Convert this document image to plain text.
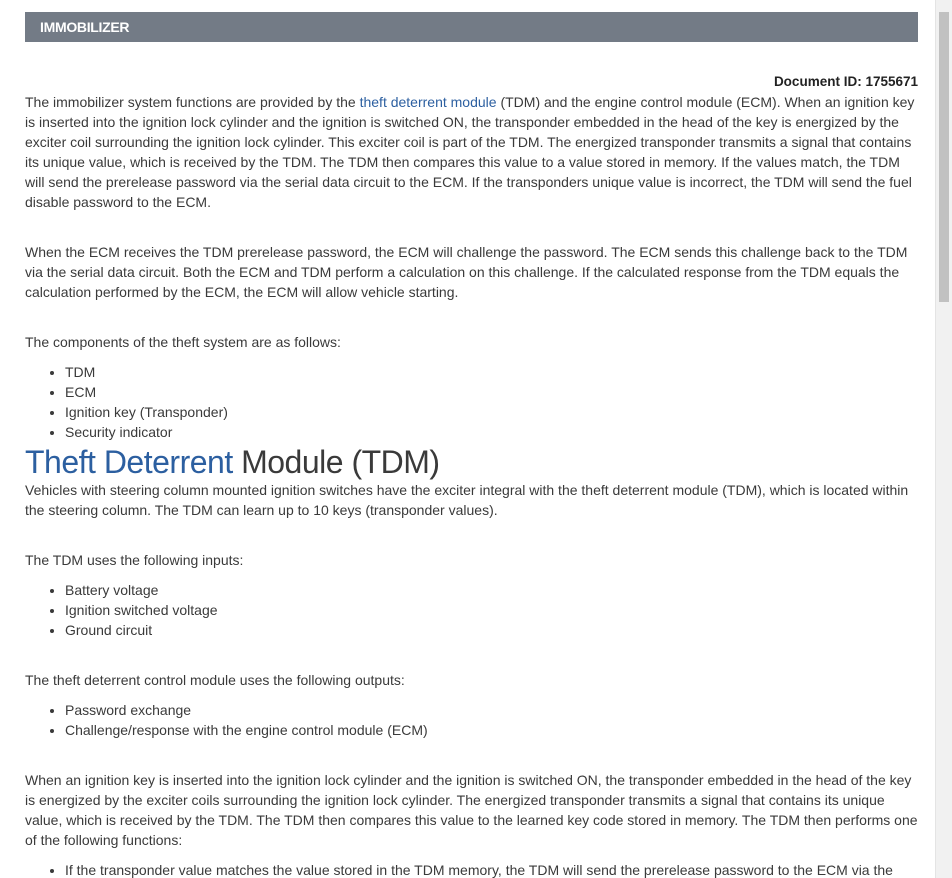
IMMOBILIZER
Document ID: 1755671

The immobilizer system functions are provided by the theft deterrent module (TDM) and the engine control module (ECM). When an ignition key is inserted into the ignition lock cylinder and the ignition is switched ON, the transponder embedded in the head of the key is energized by the exciter coil surrounding the ignition lock cylinder. This exciter coil is part of the TDM. The energized transponder transmits a signal that contains its unique value, which is received by the TDM. The TDM then compares this value to a value stored in memory. If the values match, the TDM will send the prerelease password via the serial data circuit to the ECM. If the transponders unique value is incorrect, the TDM will send the fuel disable password to the ECM.

When the ECM receives the TDM prerelease password, the ECM will challenge the password. The ECM sends this challenge back to the TDM via the serial data circuit. Both the ECM and TDM perform a calculation on this challenge. If the calculated response from the TDM equals the calculation performed by the ECM, the ECM will allow vehicle starting.

The components of the theft system are as follows:

• TDM
• ECM
• Ignition key (Transponder)
• Security indicator
Theft Deterrent Module (TDM)

Vehicles with steering column mounted ignition switches have the exciter integral with the theft deterrent module (TDM), which is located within the steering column. The TDM can learn up to 10 keys (transponder values).

The TDM uses the following inputs:

• Battery voltage
• Ignition switched voltage
• Ground circuit

The theft deterrent control module uses the following outputs:

• Password exchange
• Challenge/response with the engine control module (ECM)

When an ignition key is inserted into the ignition lock cylinder and the ignition is switched ON, the transponder embedded in the head of the key is energized by the exciter coils surrounding the ignition lock cylinder. The energized transponder transmits a signal that contains its unique value, which is received by the TDM. The TDM then compares this value to the learned key code stored in memory. The TDM then performs one of the following functions:

• If the transponder value matches the value stored in the TDM memory, the TDM will send the prerelease password to the ECM via the
